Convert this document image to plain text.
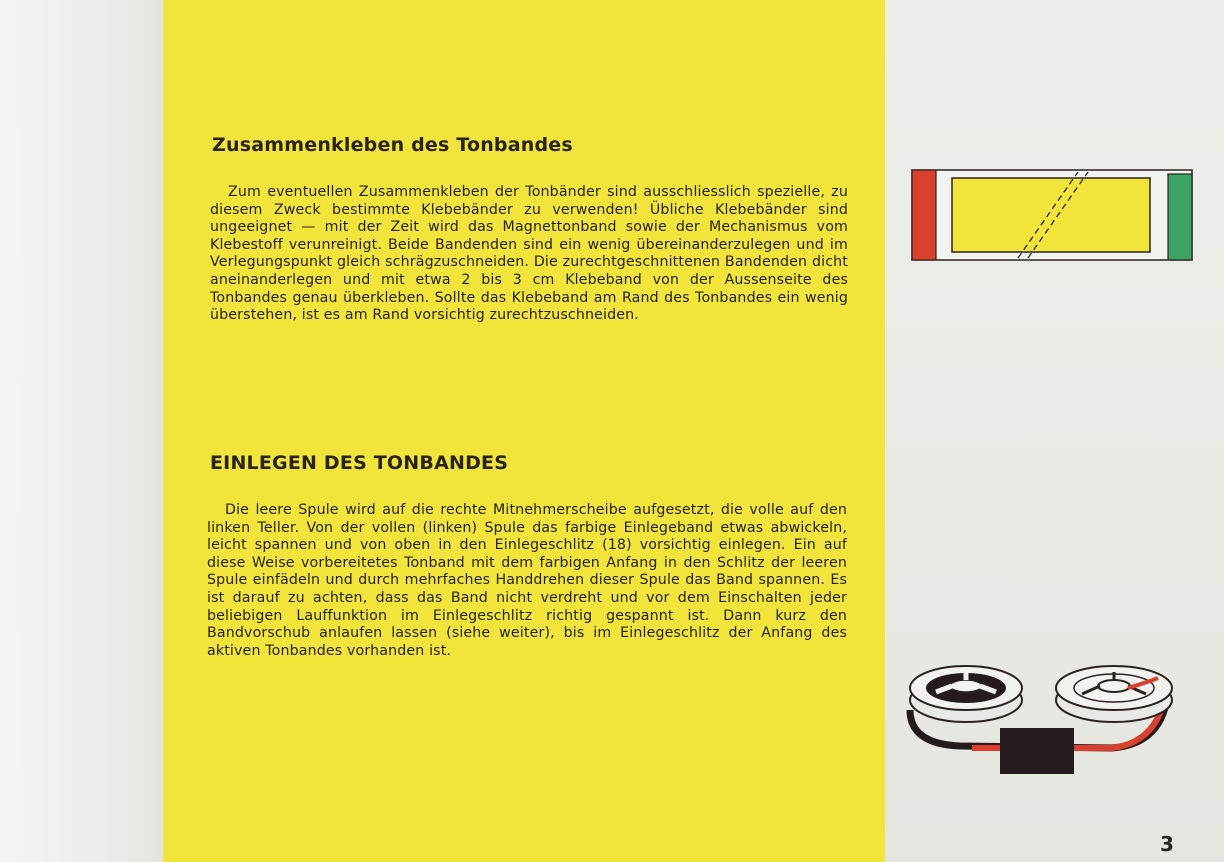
Zusammenkleben des Tonbandes

Zum eventuellen Zusammenkleben der Tonbänder sind ausschliesslich spezielle, zu diesem Zweck bestimmte Klebebänder zu verwenden! Übliche Klebebänder sind ungeeignet — mit der Zeit wird das Magnettonband sowie der Mechanismus vom Klebestoff verunreinigt. Beide Bandenden sind ein wenig übereinanderzulegen und im Verlegungspunkt gleich schrägzuschneiden. Die zurechtgeschnittenen Bandenden dicht aneinanderlegen und mit etwa 2 bis 3 cm Klebeband von der Aussenseite des Tonbandes genau überkleben. Sollte das Klebeband am Rand des Tonbandes ein wenig überstehen, ist es am Rand vorsichtig zurechtzuschneiden.

EINLEGEN DES TONBANDES

Die leere Spule wird auf die rechte Mitnehmerscheibe aufgesetzt, die volle auf den linken Teller. Von der vollen (linken) Spule das farbige Einlegeband etwas abwickeln, leicht spannen und von oben in den Einlegeschlitz (18) vorsichtig einlegen. Ein auf diese Weise vorbereitetes Tonband mit dem farbigen Anfang in den Schlitz der leeren Spule einfädeln und durch mehrfaches Handdrehen dieser Spule das Band spannen. Es ist darauf zu achten, dass das Band nicht verdreht und vor dem Einschalten jeder beliebigen Lauffunktion im Einlegeschlitz richtig gespannt ist. Dann kurz den Bandvorschub anlaufen lassen (siehe weiter), bis im Einlegeschlitz der Anfang des aktiven Tonbandes vorhanden ist.

3
